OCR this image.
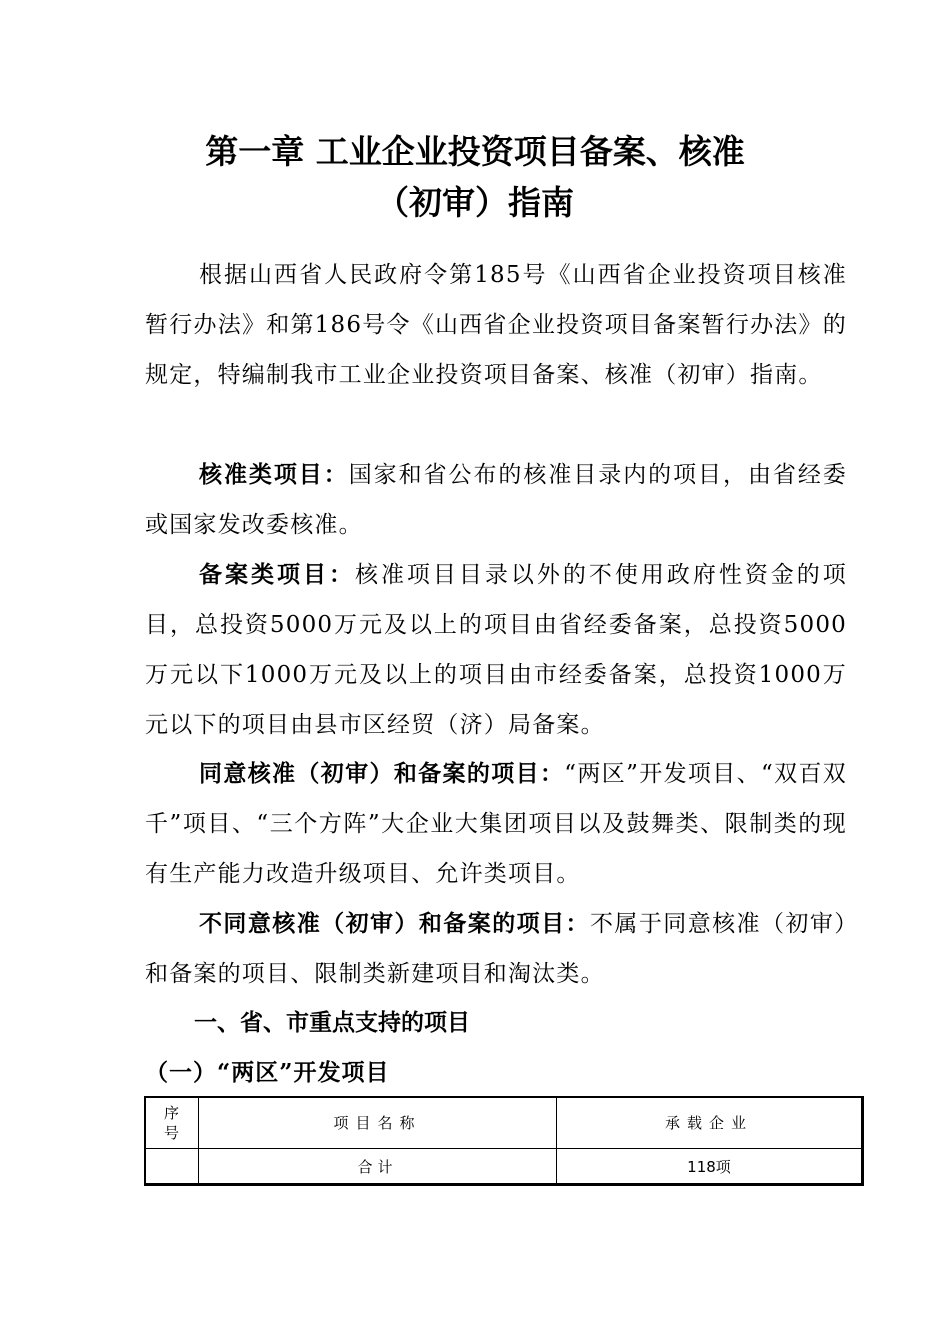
第一章 工业企业投资项目备案、核准
（初审）指南

根据山西省人民政府令第185号《山西省企业投资项目核准暂行办法》和第186号令《山西省企业投资项目备案暂行办法》的规定，特编制我市工业企业投资项目备案、核准（初审）指南。

核准类项目：国家和省公布的核准目录内的项目，由省经委或国家发改委核准。

备案类项目：核准项目目录以外的不使用政府性资金的项目，总投资5000万元及以上的项目由省经委备案，总投资5000万元以下1000万元及以上的项目由市经委备案，总投资1000万元以下的项目由县市区经贸（济）局备案。

同意核准（初审）和备案的项目：“两区”开发项目、“双百双千”项目、“三个方阵”大企业大集团项目以及鼓舞类、限制类的现有生产能力改造升级项目、允许类项目。

不同意核准（初审）和备案的项目：不属于同意核准（初审）和备案的项目、限制类新建项目和淘汰类。

一、省、市重点支持的项目
（一）“两区”开发项目
序
号	项目名称	承载企业
	合计	118项
